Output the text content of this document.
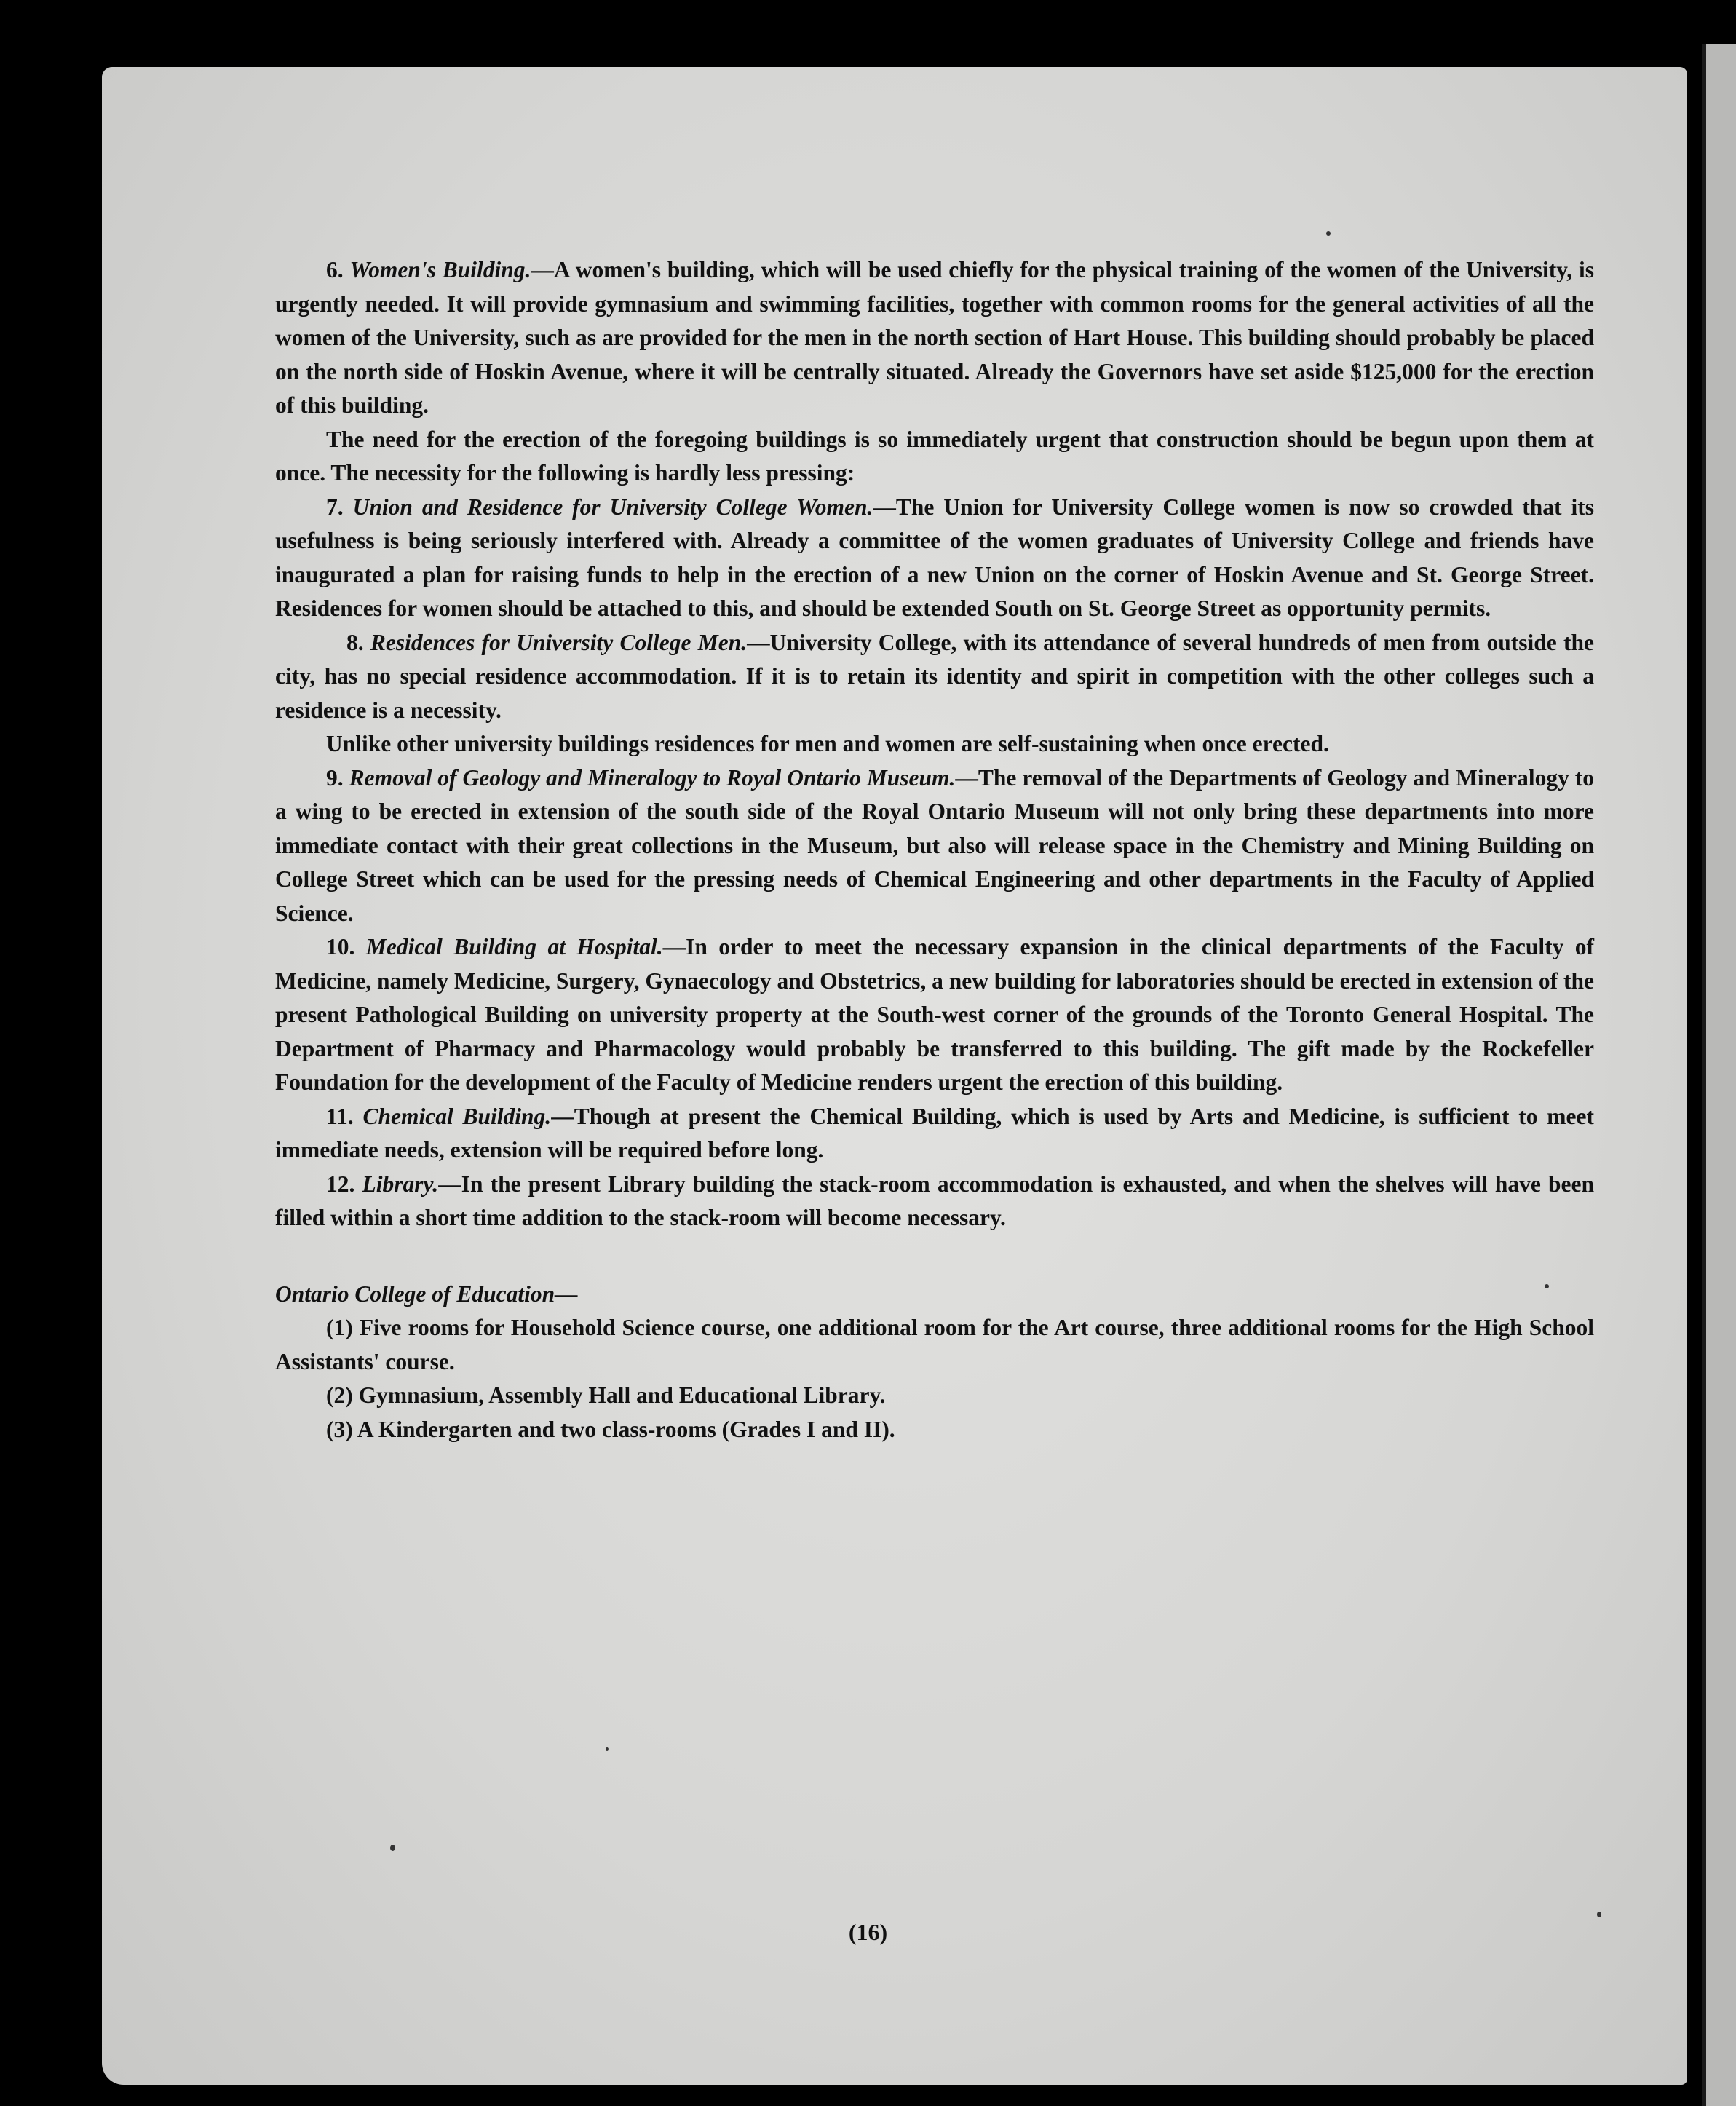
6. Women's Building.—A women's building, which will be used chiefly for the physical training of the women of the University, is urgently needed. It will provide gymnasium and swimming facilities, together with common rooms for the general activities of all the women of the University, such as are provided for the men in the north section of Hart House. This building should probably be placed on the north side of Hoskin Avenue, where it will be centrally situated. Already the Governors have set aside $125,000 for the erection of this building.

The need for the erection of the foregoing buildings is so immediately urgent that construction should be begun upon them at once. The necessity for the following is hardly less pressing:

7. Union and Residence for University College Women.—The Union for University College women is now so crowded that its usefulness is being seriously interfered with. Already a committee of the women graduates of University College and friends have inaugurated a plan for raising funds to help in the erection of a new Union on the corner of Hoskin Avenue and St. George Street. Residences for women should be attached to this, and should be extended South on St. George Street as opportunity permits.

8. Residences for University College Men.—University College, with its attendance of several hundreds of men from outside the city, has no special residence accommodation. If it is to retain its identity and spirit in competition with the other colleges such a residence is a necessity.

Unlike other university buildings residences for men and women are self-sustaining when once erected.

9. Removal of Geology and Mineralogy to Royal Ontario Museum.—The removal of the Departments of Geology and Mineralogy to a wing to be erected in extension of the south side of the Royal Ontario Museum will not only bring these departments into more immediate contact with their great collections in the Museum, but also will release space in the Chemistry and Mining Building on College Street which can be used for the pressing needs of Chemical Engineering and other departments in the Faculty of Applied Science.

10. Medical Building at Hospital.—In order to meet the necessary expansion in the clinical departments of the Faculty of Medicine, namely Medicine, Surgery, Gynaecology and Obstetrics, a new building for laboratories should be erected in extension of the present Pathological Building on university property at the South-west corner of the grounds of the Toronto General Hospital. The Department of Pharmacy and Pharmacology would probably be transferred to this building. The gift made by the Rockefeller Foundation for the development of the Faculty of Medicine renders urgent the erection of this building.

11. Chemical Building.—Though at present the Chemical Building, which is used by Arts and Medicine, is sufficient to meet immediate needs, extension will be required before long.

12. Library.—In the present Library building the stack-room accommodation is exhausted, and when the shelves will have been filled within a short time addition to the stack-room will become necessary.

Ontario College of Education—

(1) Five rooms for Household Science course, one additional room for the Art course, three additional rooms for the High School Assistants' course.

(2) Gymnasium, Assembly Hall and Educational Library.

(3) A Kindergarten and two class-rooms (Grades I and II).

(16)
